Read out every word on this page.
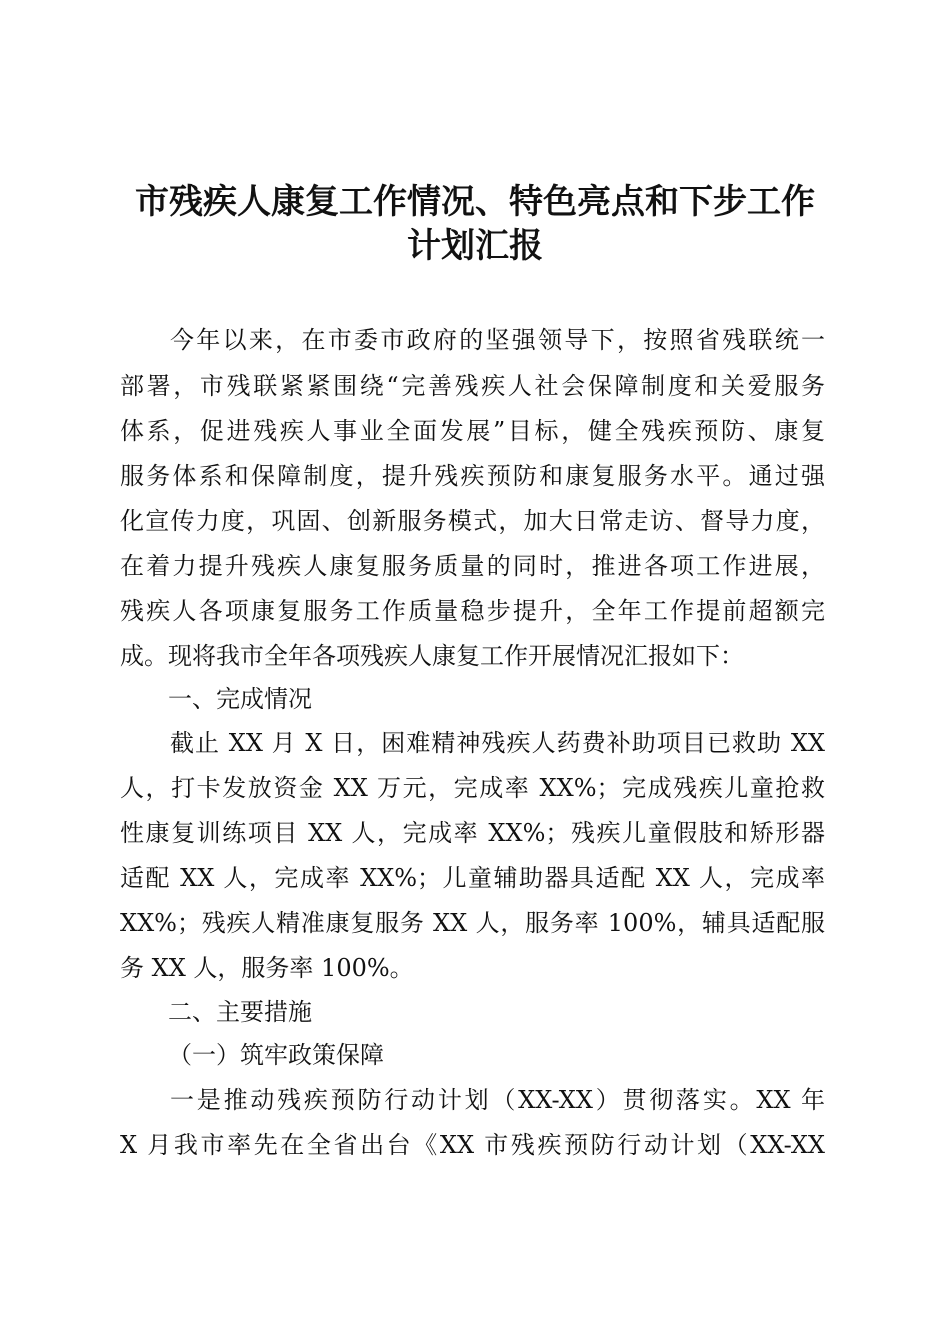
市残疾人康复工作情况、特色亮点和下步工作
计划汇报
今年以来，在市委市政府的坚强领导下，按照省残联统一
部署，市残联紧紧围绕“完善残疾人社会保障制度和关爱服务
体系，促进残疾人事业全面发展”目标，健全残疾预防、康复
服务体系和保障制度，提升残疾预防和康复服务水平。通过强
化宣传力度，巩固、创新服务模式，加大日常走访、督导力度，
在着力提升残疾人康复服务质量的同时，推进各项工作进展，
残疾人各项康复服务工作质量稳步提升，全年工作提前超额完
成。现将我市全年各项残疾人康复工作开展情况汇报如下：
一、完成情况
截止 XX 月 X 日，困难精神残疾人药费补助项目已救助 XX
人，打卡发放资金 XX 万元，完成率 XX%；完成残疾儿童抢救
性康复训练项目 XX 人，完成率 XX%；残疾儿童假肢和矫形器
适配 XX 人，完成率 XX%；儿童辅助器具适配 XX 人，完成率
XX%；残疾人精准康复服务 XX 人，服务率 100%，辅具适配服
务 XX 人，服务率 100%。
二、主要措施
（一）筑牢政策保障
一是推动残疾预防行动计划（XX-XX）贯彻落实。XX 年
X 月我市率先在全省出台《XX 市残疾预防行动计划（XX-XX
